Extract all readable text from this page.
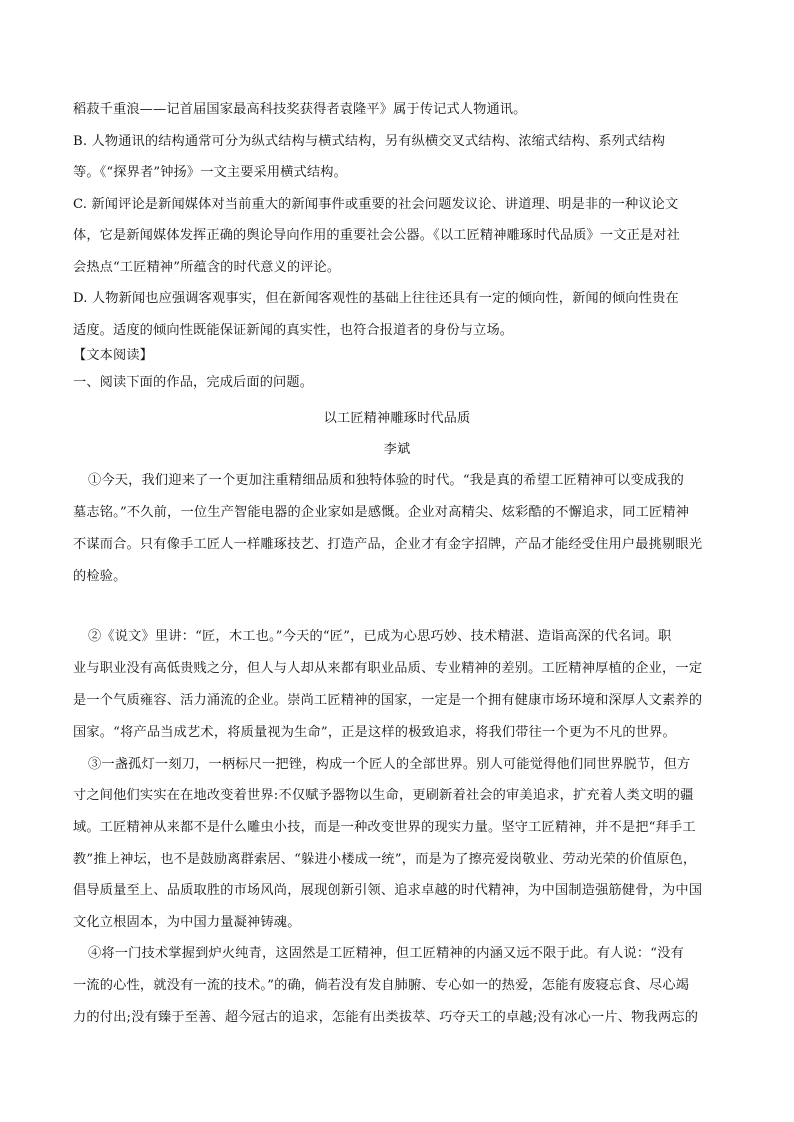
稻菽千重浪——记首届国家最高科技奖获得者袁隆平》属于传记式人物通讯。
B. 人物通讯的结构通常可分为纵式结构与横式结构，另有纵横交叉式结构、浓缩式结构、系列式结构
等。《“探界者”钟扬》一文主要采用横式结构。
C. 新闻评论是新闻媒体对当前重大的新闻事件或重要的社会问题发议论、讲道理、明是非的一种议论文
体，它是新闻媒体发挥正确的舆论导向作用的重要社会公器。《以工匠精神雕琢时代品质》一文正是对社
会热点“工匠精神”所蕴含的时代意义的评论。
D. 人物新闻也应强调客观事实，但在新闻客观性的基础上往往还具有一定的倾向性，新闻的倾向性贵在
适度。适度的倾向性既能保证新闻的真实性，也符合报道者的身份与立场。
【文本阅读】
一、阅读下面的作品，完成后面的问题。
以工匠精神雕琢时代品质
李斌
①今天，我们迎来了一个更加注重精细品质和独特体验的时代。“我是真的希望工匠精神可以变成我的
墓志铭。”不久前，一位生产智能电器的企业家如是感慨。企业对高精尖、炫彩酷的不懈追求，同工匠精神
不谋而合。只有像手工匠人一样雕琢技艺、打造产品，企业才有金字招牌，产品才能经受住用户最挑剔眼光
的检验。
②《说文》里讲：“匠，木工也。”今天的“匠”，已成为心思巧妙、技术精湛、造诣高深的代名词。职
业与职业没有高低贵贱之分，但人与人却从来都有职业品质、专业精神的差别。工匠精神厚植的企业，一定
是一个气质雍容、活力涌流的企业。崇尚工匠精神的国家，一定是一个拥有健康市场环境和深厚人文素养的
国家。“将产品当成艺术，将质量视为生命”，正是这样的极致追求，将我们带往一个更为不凡的世界。
③一盏孤灯一刻刀，一柄标尺一把锉，构成一个匠人的全部世界。别人可能觉得他们同世界脱节，但方
寸之间他们实实在在地改变着世界:不仅赋予器物以生命，更刷新着社会的审美追求，扩充着人类文明的疆
域。工匠精神从来都不是什么雕虫小技，而是一种改变世界的现实力量。坚守工匠精神，并不是把“拜手工
教”推上神坛，也不是鼓励离群索居、“躲进小楼成一统”，而是为了擦亮爱岗敬业、劳动光荣的价值原色，
倡导质量至上、品质取胜的市场风尚，展现创新引领、追求卓越的时代精神，为中国制造强筋健骨，为中国
文化立根固本，为中国力量凝神铸魂。
④将一门技术掌握到炉火纯青，这固然是工匠精神，但工匠精神的内涵又远不限于此。有人说：“没有
一流的心性，就没有一流的技术。”的确，倘若没有发自肺腑、专心如一的热爱，怎能有废寝忘食、尽心竭
力的付出;没有臻于至善、超今冠古的追求，怎能有出类拔萃、巧夺天工的卓越;没有冰心一片、物我两忘的
